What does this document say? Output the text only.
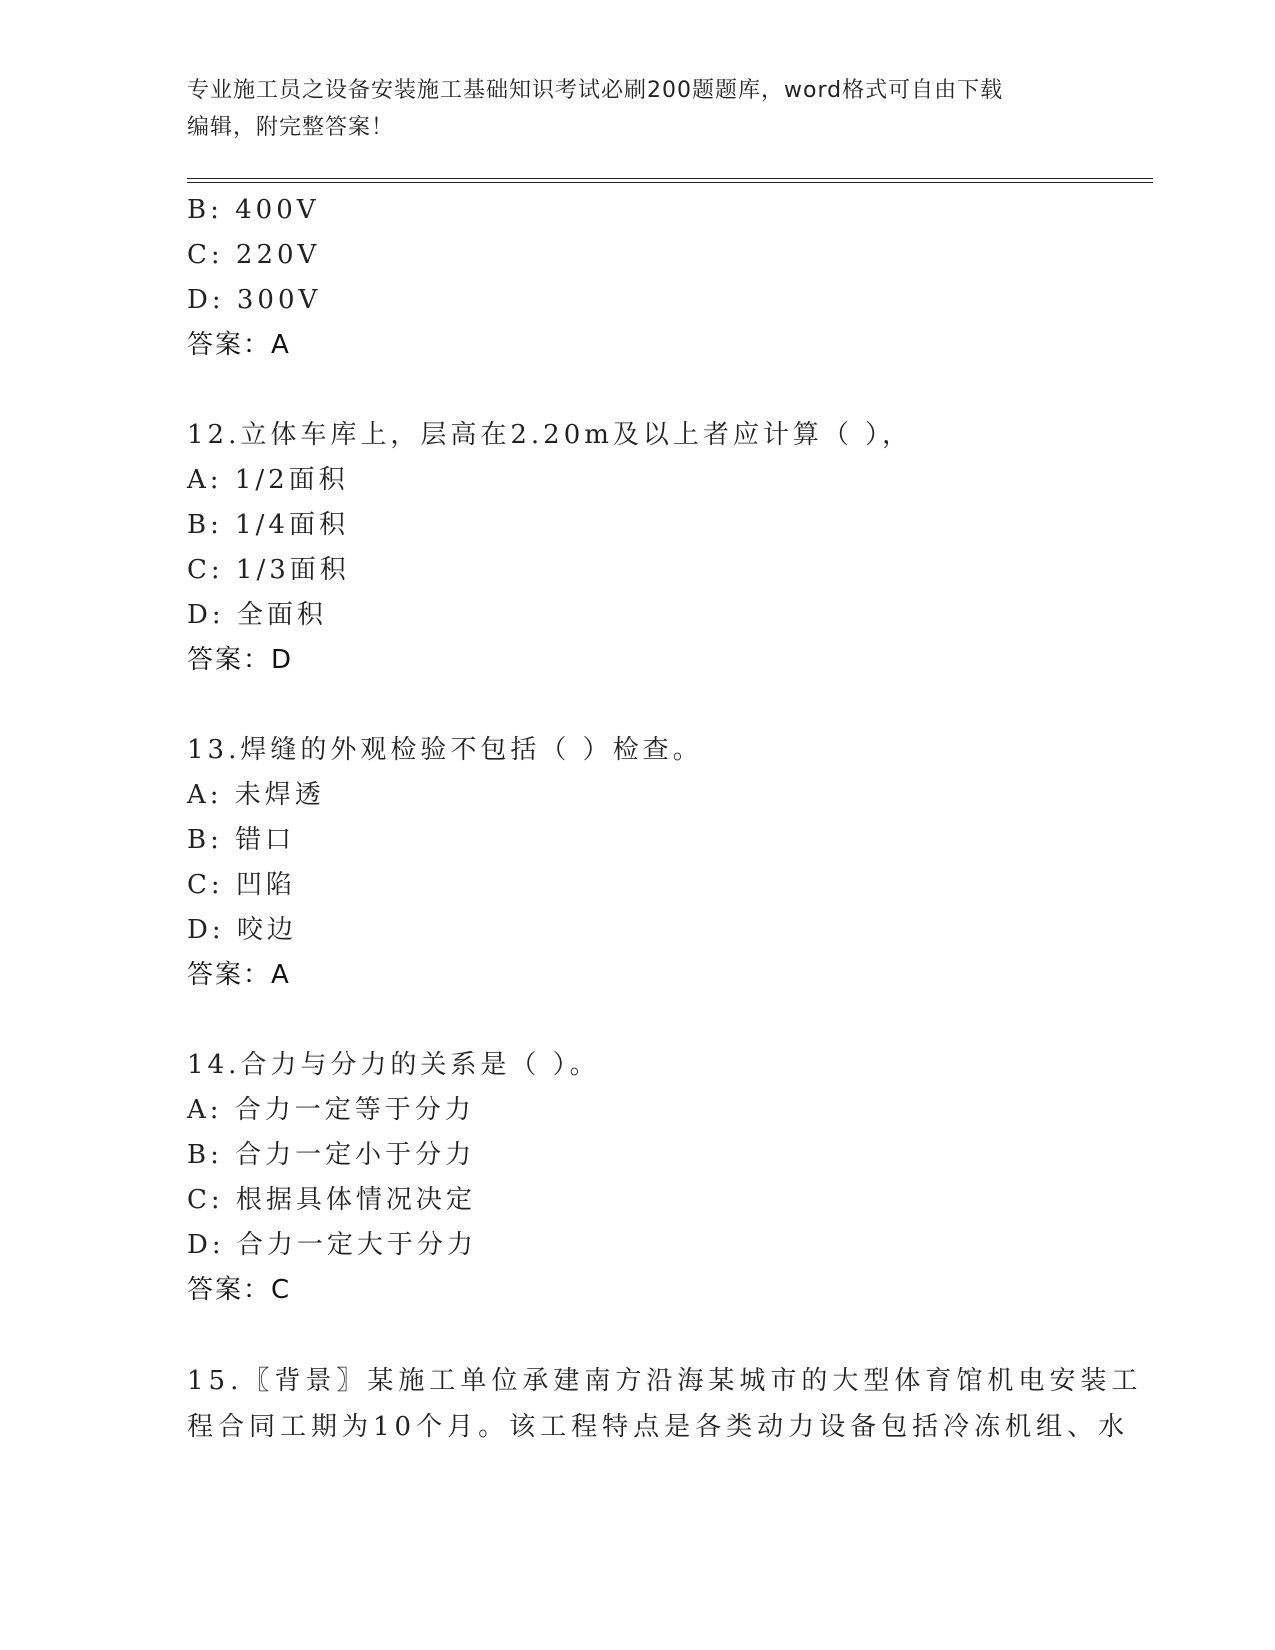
专业施工员之设备安装施工基础知识考试必刷200题题库，word格式可自由下载
编辑，附完整答案！
B: 400V
C: 220V
D: 300V
答案：A
12.立体车库上，层高在2.20m及以上者应计算（ ），
A: 1/2面积
B: 1/4面积
C: 1/3面积
D: 全面积
答案：D
13.焊缝的外观检验不包括（ ）检查。
A: 未焊透
B: 错口
C: 凹陷
D: 咬边
答案：A
14.合力与分力的关系是（ ）。
A: 合力一定等于分力
B: 合力一定小于分力
C: 根据具体情况决定
D: 合力一定大于分力
答案：C
15.〖背景〗某施工单位承建南方沿海某城市的大型体育馆机电安装工
程合同工期为10个月。该工程特点是各类动力设备包括冷冻机组、水
